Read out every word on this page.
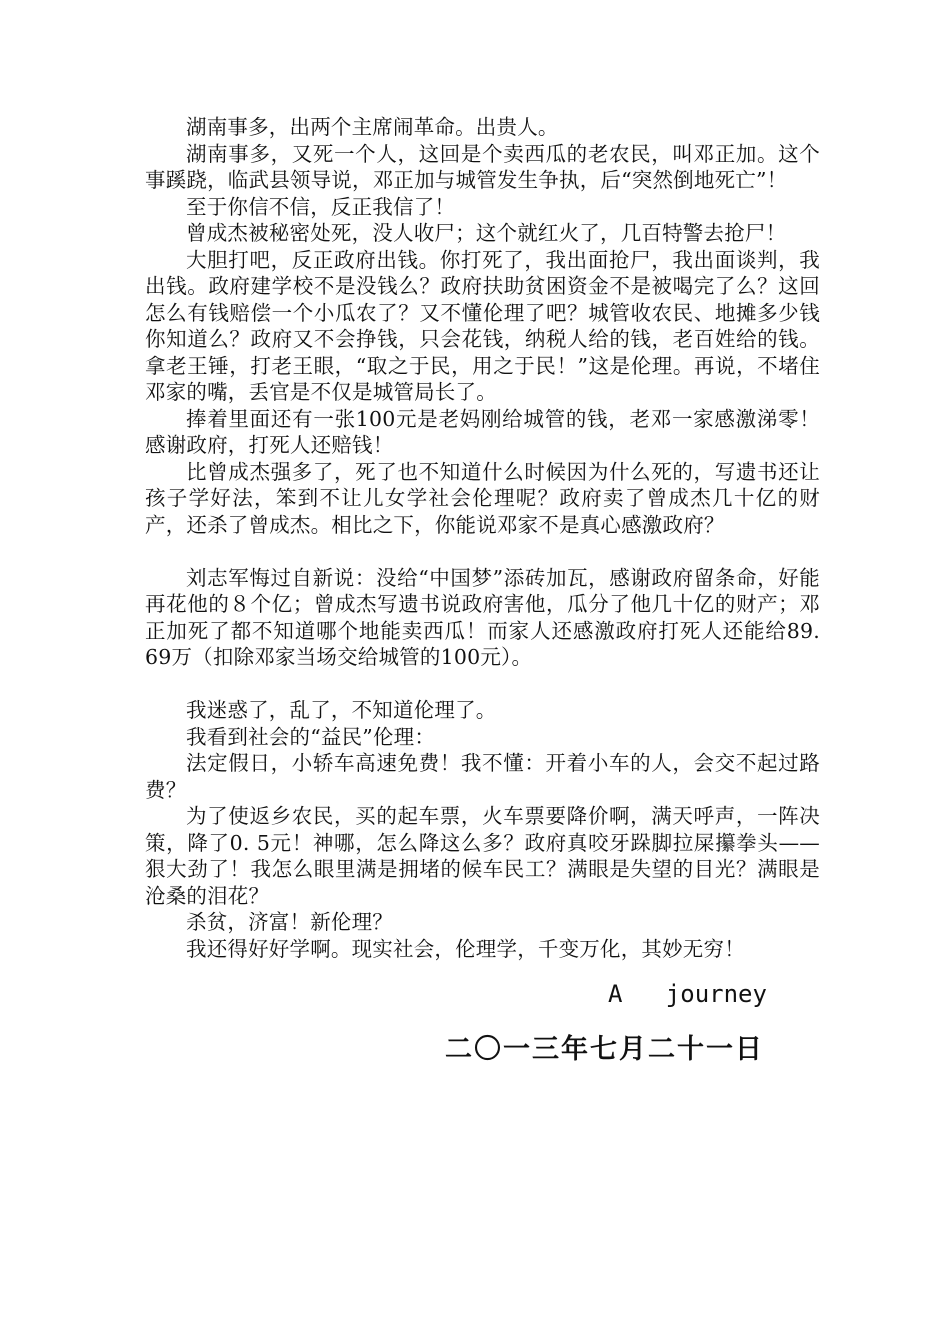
湖南事多，出两个主席闹革命。出贵人。

湖南事多，又死一个人，这回是个卖西瓜的老农民，叫邓正加。这个事蹊跷，临武县领导说，邓正加与城管发生争执，后“突然倒地死亡”！

至于你信不信，反正我信了！

曾成杰被秘密处死，没人收尸；这个就红火了，几百特警去抢尸！

大胆打吧，反正政府出钱。你打死了，我出面抢尸，我出面谈判，我出钱。政府建学校不是没钱么？政府扶助贫困资金不是被喝完了么？这回怎么有钱赔偿一个小瓜农了？又不懂伦理了吧？城管收农民、地摊多少钱你知道么？政府又不会挣钱，只会花钱，纳税人给的钱，老百姓给的钱。拿老王锤，打老王眼，“取之于民，用之于民！”这是伦理。再说，不堵住邓家的嘴，丢官是不仅是城管局长了。

捧着里面还有一张100元是老妈刚给城管的钱，老邓一家感激涕零！感谢政府，打死人还赔钱！

比曾成杰强多了，死了也不知道什么时候因为什么死的，写遗书还让孩子学好法，笨到不让儿女学社会伦理呢？政府卖了曾成杰几十亿的财产，还杀了曾成杰。相比之下，你能说邓家不是真心感激政府？

刘志军悔过自新说：没给“中国梦”添砖加瓦，感谢政府留条命，好能再花他的８个亿；曾成杰写遗书说政府害他，瓜分了他几十亿的财产；邓正加死了都不知道哪个地能卖西瓜！而家人还感激政府打死人还能给89. 69万（扣除邓家当场交给城管的100元）。

我迷惑了，乱了，不知道伦理了。

我看到社会的“益民”伦理：

法定假日，小轿车高速免费！我不懂：开着小车的人，会交不起过路费？

为了使返乡农民，买的起车票，火车票要降价啊，满天呼声，一阵决策，降了0. 5元！神哪，怎么降这么多？政府真咬牙跺脚拉屎攥拳头——狠大劲了！我怎么眼里满是拥堵的候车民工？满眼是失望的目光？满眼是沧桑的泪花？

杀贫，济富！新伦理？

我还得好好学啊。现实社会，伦理学，千变万化，其妙无穷！

A   journey
二〇一三年七月二十一日
